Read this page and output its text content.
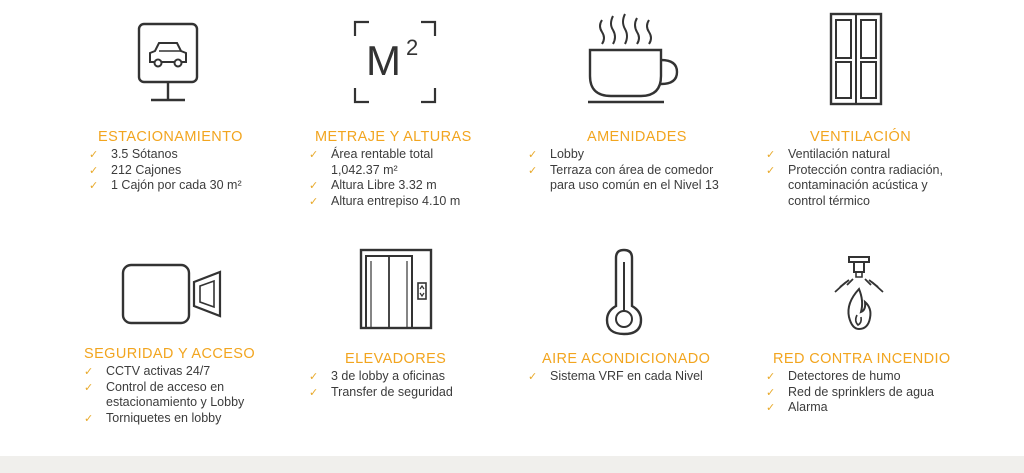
ESTACIONAMIENTO
✓ 3.5 Sótanos
✓ 212 Cajones
✓ 1 Cajón por cada 30 m²
M 2
METRAJE Y ALTURAS
✓ Área rentable total 1,042.37 m²
✓ Altura Libre 3.32 m
✓ Altura entrepiso 4.10 m
AMENIDADES
✓ Lobby
✓ Terraza con área de comedor para uso común en el Nivel 13
VENTILACIÓN
✓ Ventilación natural
✓ Protección contra radiación, contaminación acústica y control térmico
SEGURIDAD Y ACCESO
✓ CCTV activas 24/7
✓ Control de acceso en estacionamiento y Lobby
✓ Torniquetes en lobby
ELEVADORES
✓ 3 de lobby a oficinas
✓ Transfer de seguridad
AIRE ACONDICIONADO
✓ Sistema VRF en cada Nivel
RED CONTRA INCENDIO
✓ Detectores de humo
✓ Red de sprinklers de agua
✓ Alarma
